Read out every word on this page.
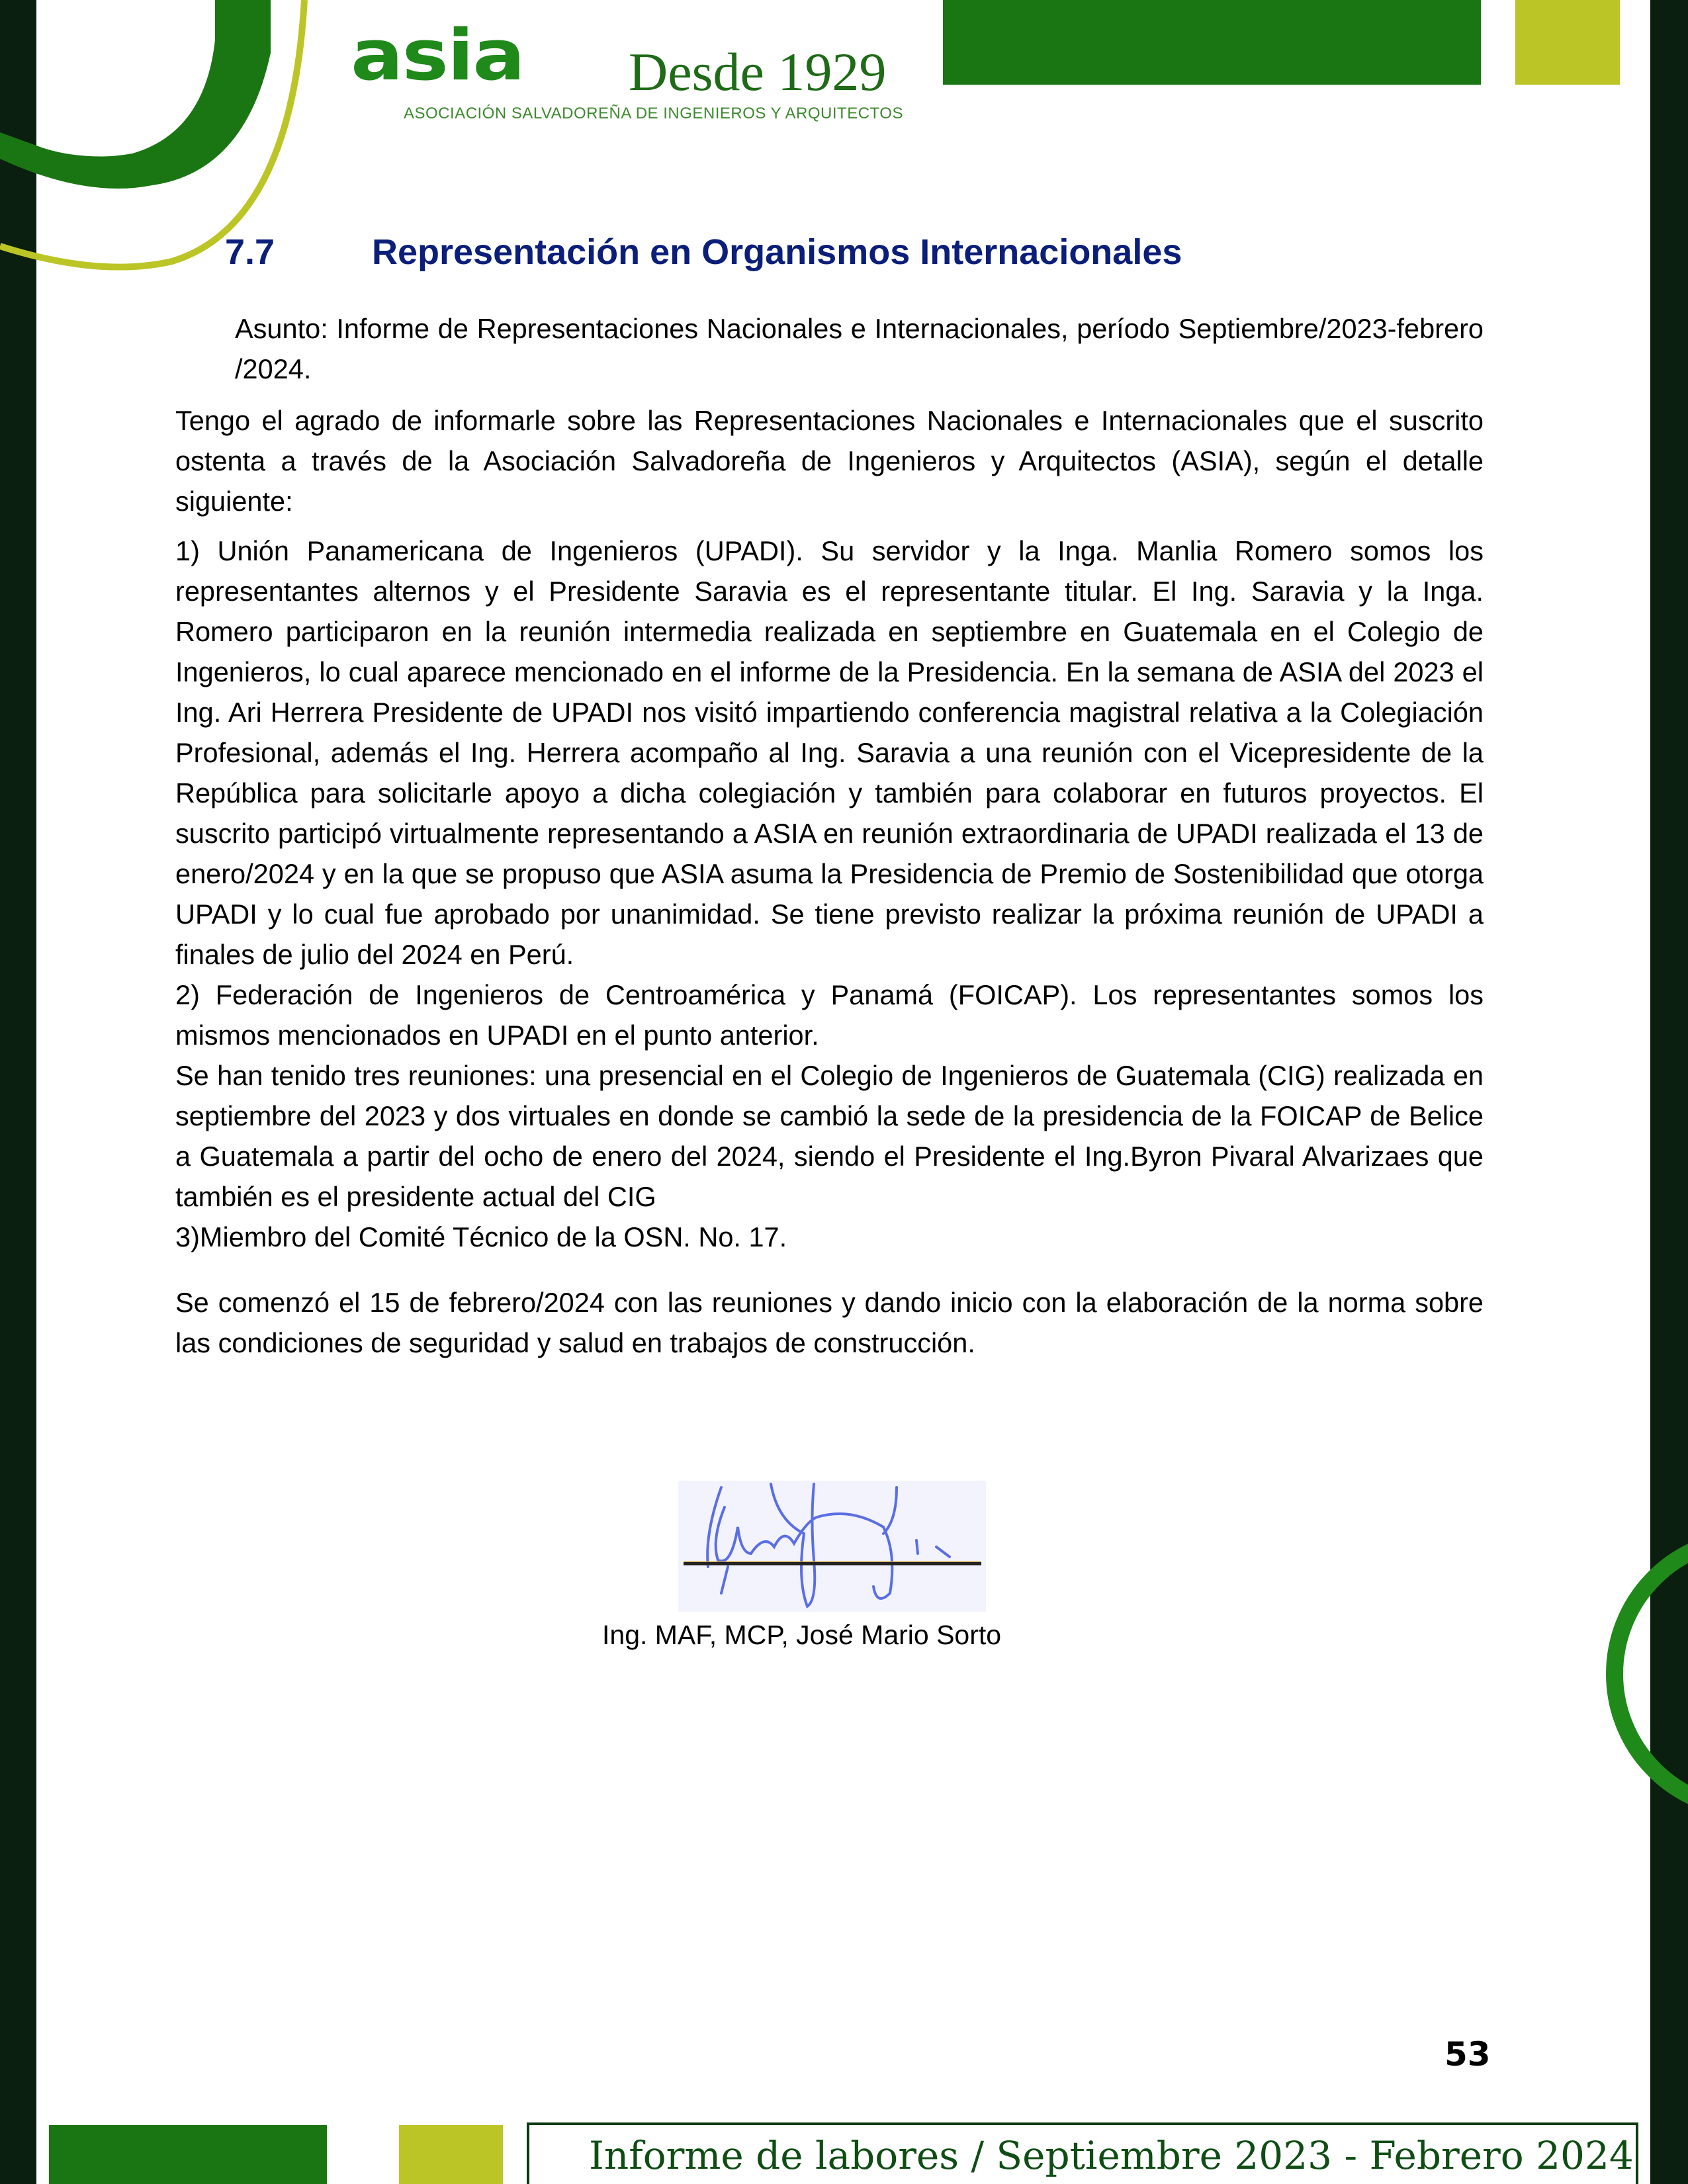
asia Desde 1929
ASOCIACIÓN SALVADOREÑA DE INGENIEROS Y ARQUITECTOS
7.7	Representación en Organismos Internacionales
Asunto: Informe de Representaciones Nacionales e Internacionales, período Septiembre/2023-febrero /2024.

Tengo el agrado de informarle sobre las Representaciones Nacionales e Internacionales que el suscrito ostenta a través de la Asociación Salvadoreña de Ingenieros y Arquitectos (ASIA), según el detalle siguiente:

1) Unión Panamericana de Ingenieros (UPADI). Su servidor y la Inga. Manlia Romero somos los representantes alternos y el Presidente Saravia es el representante titular. El Ing. Saravia y la Inga. Romero participaron en la reunión intermedia realizada en septiembre en Guatemala en el Colegio de Ingenieros, lo cual aparece mencionado en el informe de la Presidencia. En la semana de ASIA del 2023 el Ing. Ari Herrera Presidente de UPADI nos visitó impartiendo conferencia magistral relativa a la Colegiación Profesional, además el Ing. Herrera acompaño al Ing. Saravia a una reunión con el Vicepresidente de la República para solicitarle apoyo a dicha colegiación y también para colaborar en futuros proyectos. El suscrito participó virtualmente representando a ASIA en reunión extraordinaria de UPADI realizada el 13 de enero/2024 y en la que se propuso que ASIA asuma la Presidencia de Premio de Sostenibilidad que otorga UPADI y lo cual fue aprobado por unanimidad. Se tiene previsto realizar la próxima reunión de UPADI a finales de julio del 2024 en Perú.

2) Federación de Ingenieros de Centroamérica y Panamá (FOICAP). Los representantes somos los mismos mencionados en UPADI en el punto anterior.

Se han tenido tres reuniones: una presencial en el Colegio de Ingenieros de Guatemala (CIG) realizada en septiembre del 2023 y dos virtuales en donde se cambió la sede de la presidencia de la FOICAP de Belice a Guatemala a partir del ocho de enero del 2024, siendo el Presidente el Ing.Byron Pivaral Alvarizaes que también es el presidente actual del CIG

3)Miembro del Comité Técnico de la OSN. No. 17.

Se comenzó el 15 de febrero/2024 con las reuniones y dando inicio con la elaboración de la norma sobre las condiciones de seguridad y salud en trabajos de construcción.

Ing. MAF, MCP, José Mario Sorto
53
Informe de labores / Septiembre 2023 - Febrero 2024
